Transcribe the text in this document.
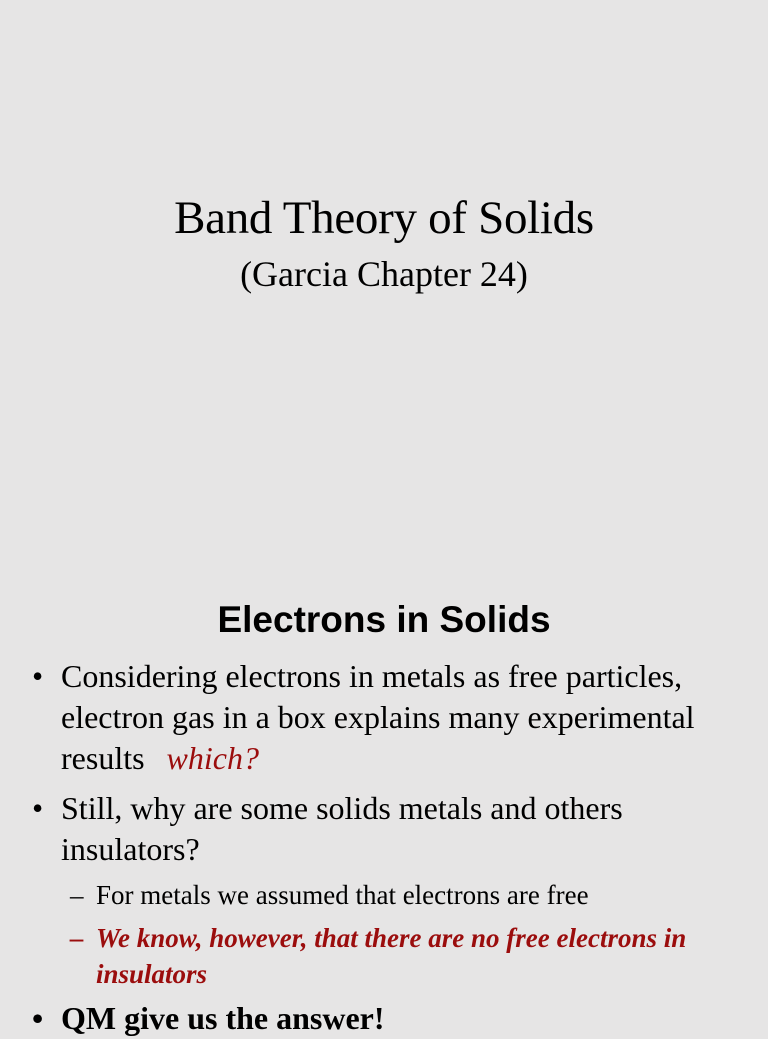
Band Theory of Solids
(Garcia Chapter 24)
Electrons in Solids
• Considering electrons in metals as free particles, electron gas in a box explains many experimental results which?
• Still, why are some solids metals and others insulators?
– For metals we assumed that electrons are free
– We know, however, that there are no free electrons in insulators
• QM give us the answer!
